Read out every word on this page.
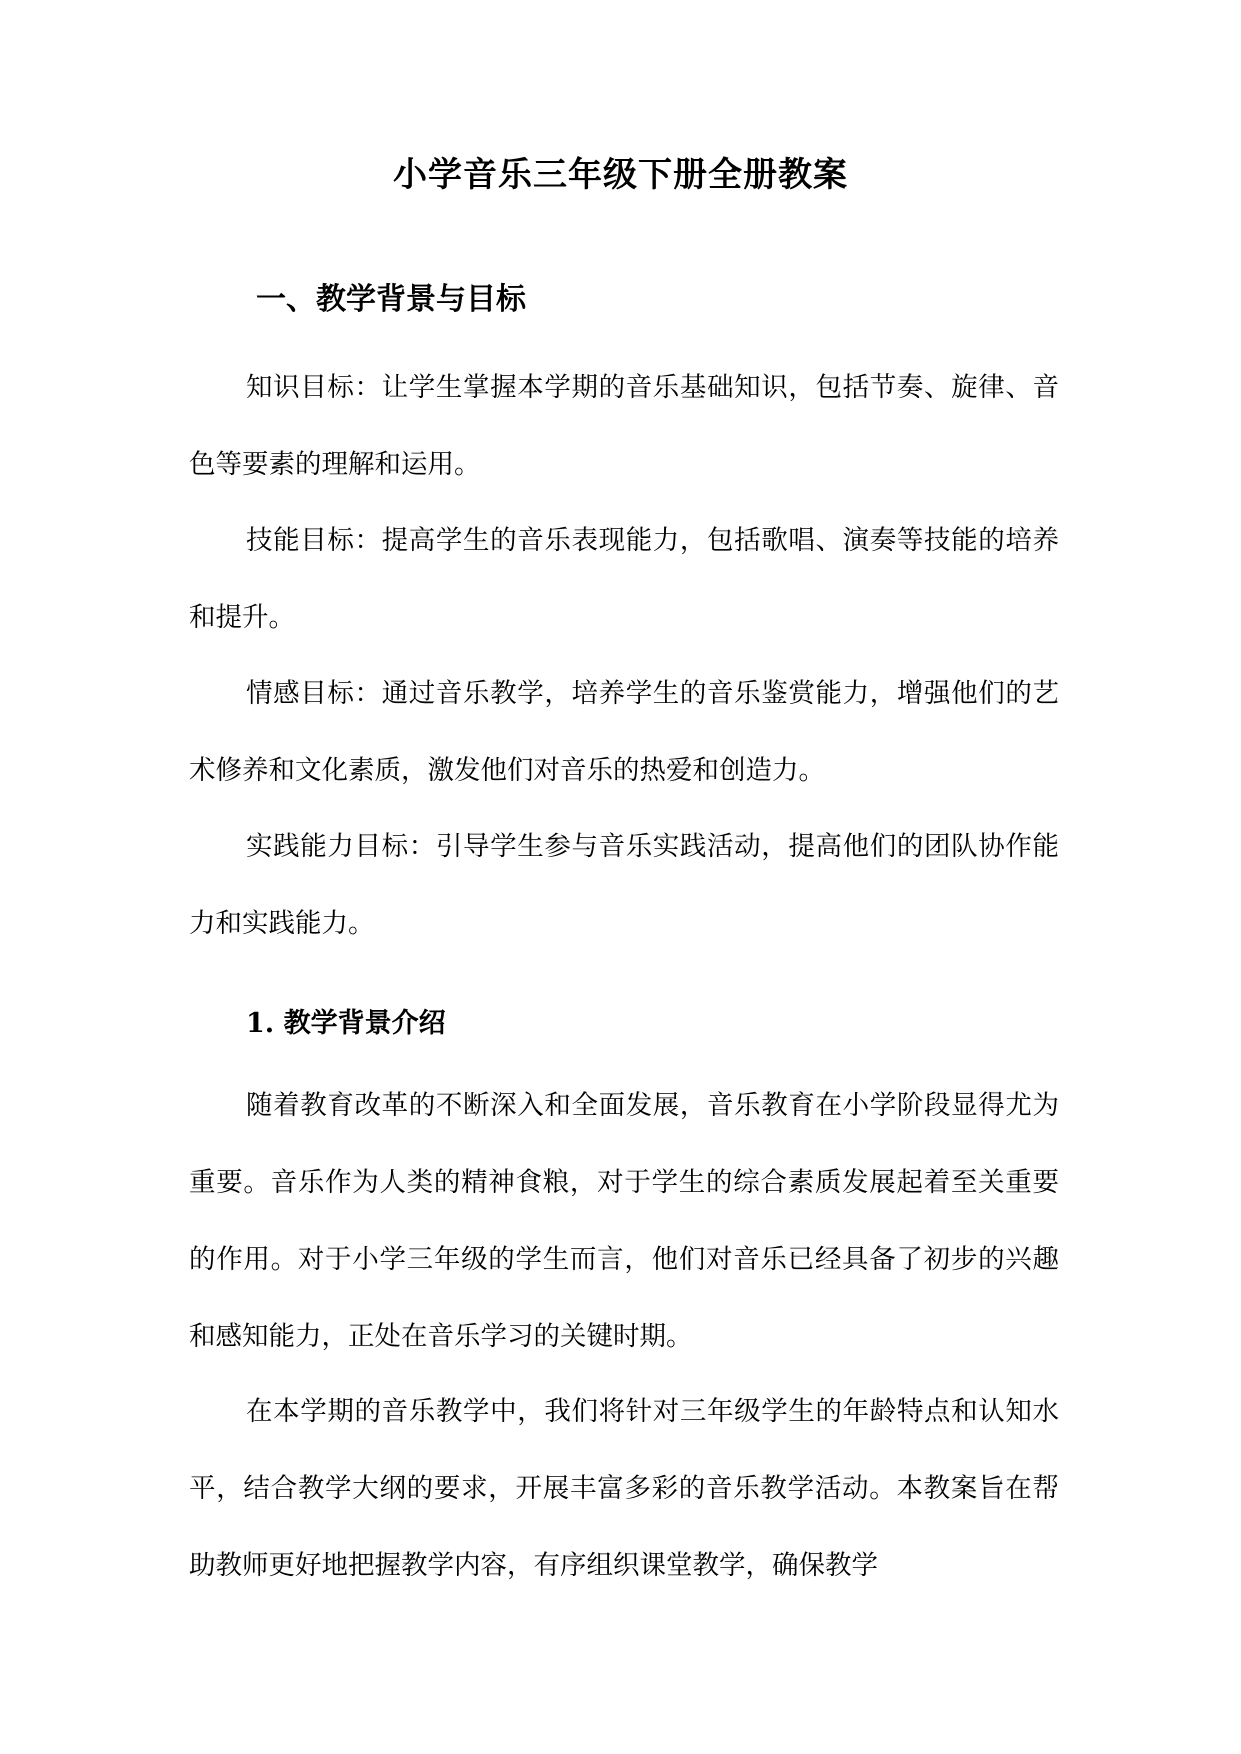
小学音乐三年级下册全册教案
一、教学背景与目标

知识目标：让学生掌握本学期的音乐基础知识，包括节奏、旋律、音色等要素的理解和运用。

技能目标：提高学生的音乐表现能力，包括歌唱、演奏等技能的培养和提升。

情感目标：通过音乐教学，培养学生的音乐鉴赏能力，增强他们的艺术修养和文化素质，激发他们对音乐的热爱和创造力。

实践能力目标：引导学生参与音乐实践活动，提高他们的团队协作能力和实践能力。

1. 教学背景介绍

随着教育改革的不断深入和全面发展，音乐教育在小学阶段显得尤为重要。音乐作为人类的精神食粮，对于学生的综合素质发展起着至关重要的作用。对于小学三年级的学生而言，他们对音乐已经具备了初步的兴趣和感知能力，正处在音乐学习的关键时期。

在本学期的音乐教学中，我们将针对三年级学生的年龄特点和认知水平，结合教学大纲的要求，开展丰富多彩的音乐教学活动。本教案旨在帮助教师更好地把握教学内容，有序组织课堂教学，确保教学
